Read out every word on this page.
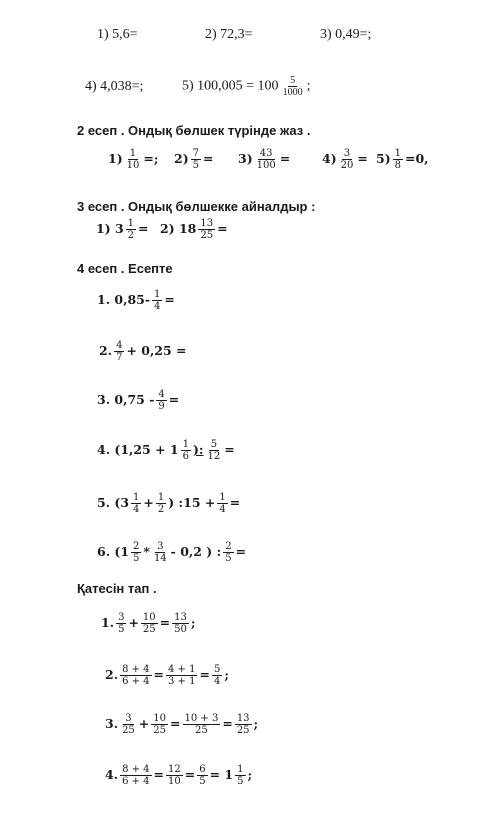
1) 5,6=	2) 72,3=	3) 0,49=;
4) 4,038=;	5) $100,005 = 100 \frac{5}{1000}$ ;
2 есеп . Ондық бөлшек түрінде жаз .
$1) \frac{1}{10}$ =; $2) \frac{7}{5} = 3) \frac{43}{100}$ =	$4) \frac{3}{20} = 5) \frac{1}{8} =0$,
3 есеп . Ондық бөлшекке айналдыр :
1) $3 \frac{1}{2} = 2$) $18 \frac{13}{25}$ =
4 есеп . Есепте
1. $0,85- \frac{1}{4}$ =
2. $\frac{4}{7} + 0,25$ =
3. $0,75 - \frac{4}{9}$ =
4. ($1,25 + 1 \frac{1}{6}$ ): $\frac{5}{12}$ =
5. ($3 \frac{1}{4} + \frac{1}{2}$ ) :15 + $\frac{1}{4}$ =
6. ($1 \frac{2}{5} * \frac{3}{14} - 0,2$ ) : $\frac{2}{5}$ =
Қатесін тап .
1. $\frac{3}{5} + \frac{10}{25} = \frac{13}{50}$ ;
2. $\frac{8 + 4}{6 + 4} = \frac{4 + 1}{3 + 1} = \frac{5}{4}$ ;
3. $\frac{3}{25} + \frac{10}{25} = \frac{10 + 3}{25} = \frac{13}{25}$ ;
4. $\frac{8 + 4}{6 + 4} = \frac{12}{10} = \frac{6}{5} = 1 \frac{1}{5}$ ;
